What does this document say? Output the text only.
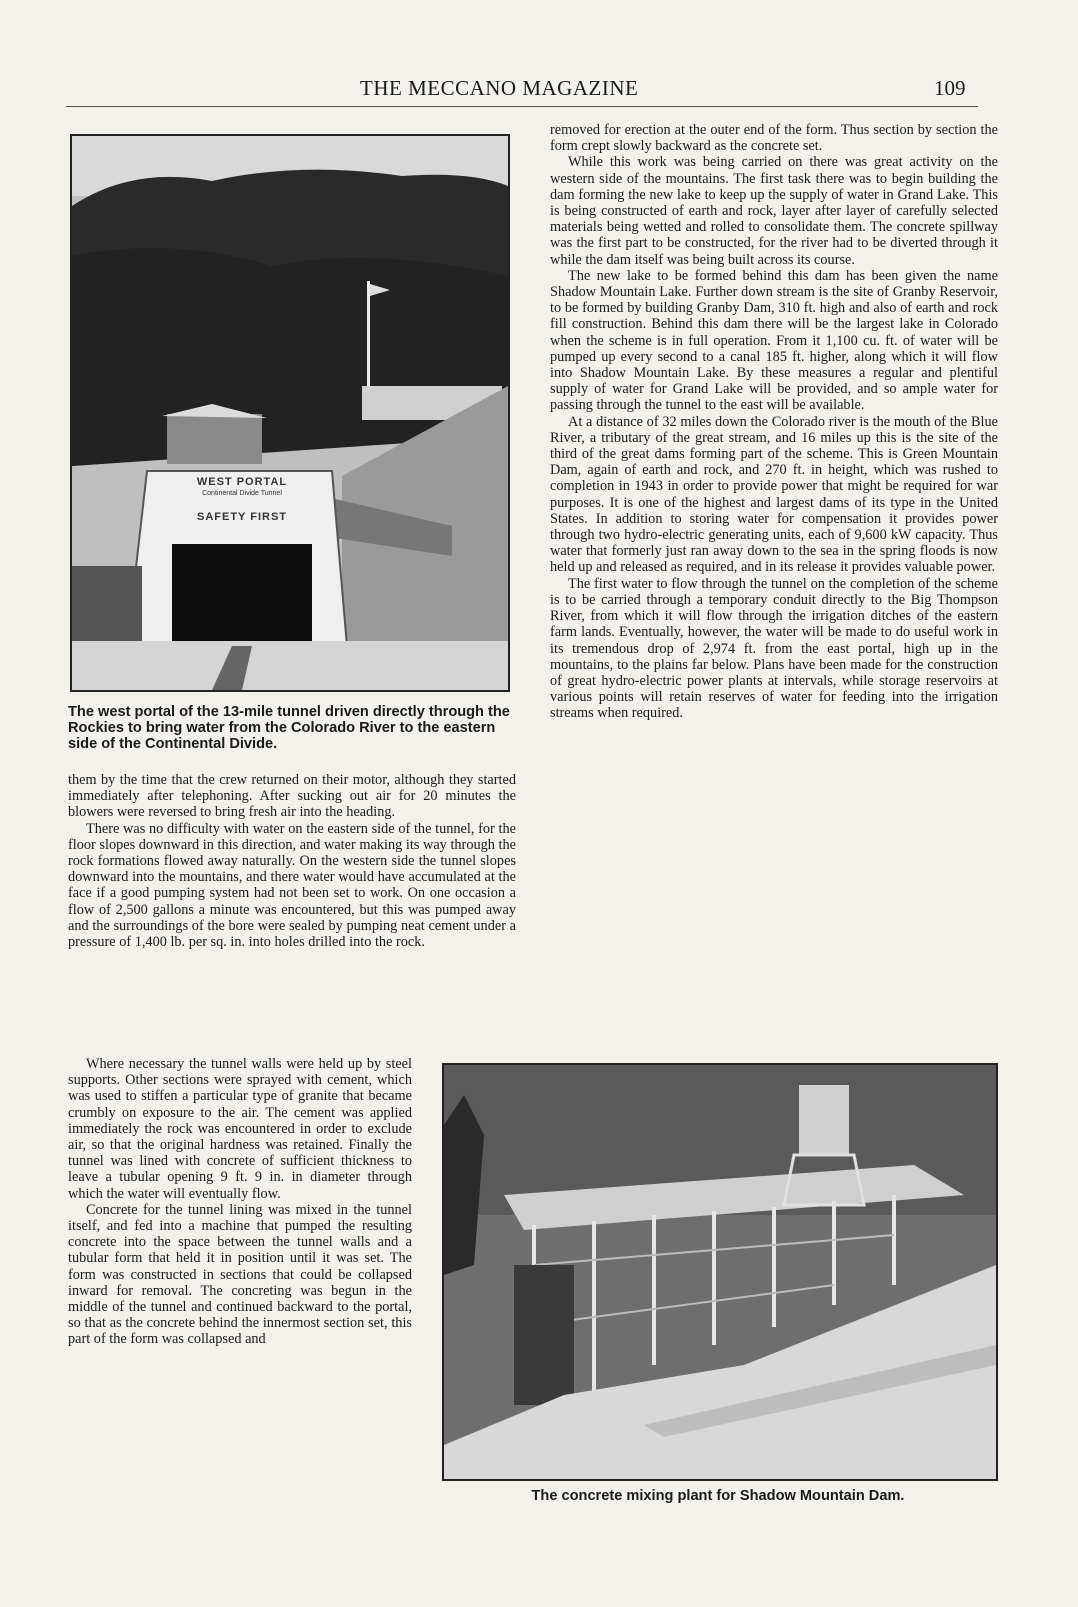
THE MECCANO MAGAZINE	109
WEST PORTAL
Continental Divide Tunnel
SAFETY FIRST
The west portal of the 13-mile tunnel driven directly through the Rockies to bring water from the Colorado River to the eastern side of the Continental Divide.

them by the time that the crew returned on their motor, although they started immediately after telephoning. After sucking out air for 20 minutes the blowers were reversed to bring fresh air into the heading.

There was no difficulty with water on the eastern side of the tunnel, for the floor slopes downward in this direction, and water making its way through the rock formations flowed away naturally. On the western side the tunnel slopes downward into the mountains, and there water would have accumulated at the face if a good pumping system had not been set to work. On one occasion a flow of 2,500 gallons a minute was encountered, but this was pumped away and the surroundings of the bore were sealed by pumping neat cement under a pressure of 1,400 lb. per sq. in. into holes drilled into the rock.

Where necessary the tunnel walls were held up by steel supports. Other sections were sprayed with cement, which was used to stiffen a particular type of granite that became crumbly on exposure to the air. The cement was applied immediately the rock was encountered in order to exclude air, so that the original hardness was retained. Finally the tunnel was lined with concrete of sufficient thickness to leave a tubular opening 9 ft. 9 in. in diameter through which the water will eventually flow.

Concrete for the tunnel lining was mixed in the tunnel itself, and fed into a machine that pumped the resulting concrete into the space between the tunnel walls and a tubular form that held it in position until it was set. The form was constructed in sections that could be collapsed inward for removal. The concreting was begun in the middle of the tunnel and continued backward to the portal, so that as the concrete behind the innermost section set, this part of the form was collapsed and

removed for erection at the outer end of the form. Thus section by section the form crept slowly backward as the concrete set.

While this work was being carried on there was great activity on the western side of the mountains. The first task there was to begin building the dam forming the new lake to keep up the supply of water in Grand Lake. This is being constructed of earth and rock, layer after layer of carefully selected materials being wetted and rolled to consolidate them. The concrete spillway was the first part to be constructed, for the river had to be diverted through it while the dam itself was being built across its course.

The new lake to be formed behind this dam has been given the name Shadow Mountain Lake. Further down stream is the site of Granby Reservoir, to be formed by building Granby Dam, 310 ft. high and also of earth and rock fill construction. Behind this dam there will be the largest lake in Colorado when the scheme is in full operation. From it 1,100 cu. ft. of water will be pumped up every second to a canal 185 ft. higher, along which it will flow into Shadow Mountain Lake. By these measures a regular and plentiful supply of water for Grand Lake will be provided, and so ample water for passing through the tunnel to the east will be available.

At a distance of 32 miles down the Colorado river is the mouth of the Blue River, a tributary of the great stream, and 16 miles up this is the site of the third of the great dams forming part of the scheme. This is Green Mountain Dam, again of earth and rock, and 270 ft. in height, which was rushed to completion in 1943 in order to provide power that might be required for war purposes. It is one of the highest and largest dams of its type in the United States. In addition to storing water for compensation it provides power through two hydro-electric generating units, each of 9,600 kW capacity. Thus water that formerly just ran away down to the sea in the spring floods is now held up and released as required, and in its release it provides valuable power.

The first water to flow through the tunnel on the completion of the scheme is to be carried through a temporary conduit directly to the Big Thompson River, from which it will flow through the irrigation ditches of the eastern farm lands. Eventually, however, the water will be made to do useful work in its tremendous drop of 2,974 ft. from the east portal, high up in the mountains, to the plains far below. Plans have been made for the construction of great hydro-electric power plants at intervals, while storage reservoirs at various points will retain reserves of water for feeding into the irrigation streams when required.

The concrete mixing plant for Shadow Mountain Dam.
